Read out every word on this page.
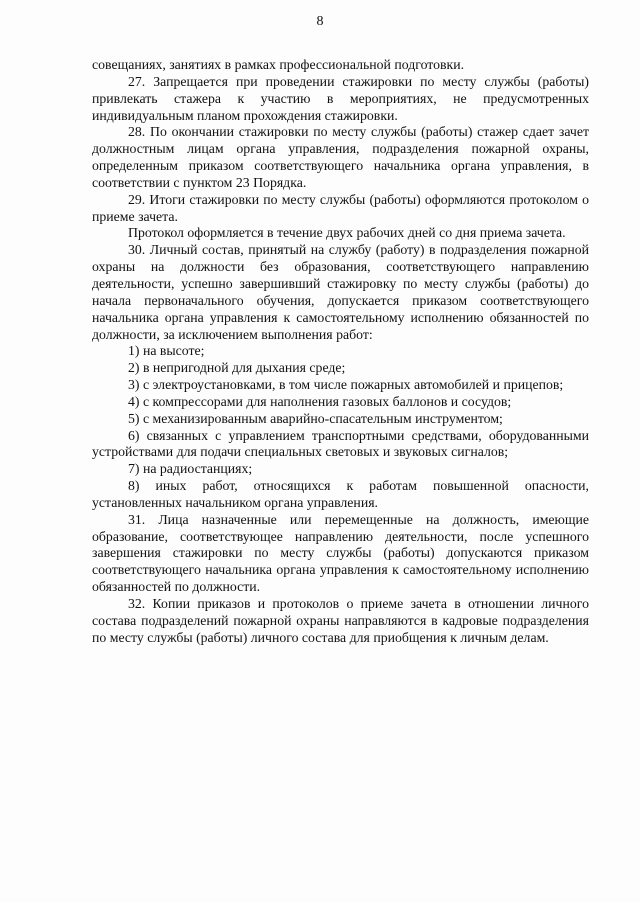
8

совещаниях, занятиях в рамках профессиональной подготовки.

27. Запрещается при проведении стажировки по месту службы (работы) привлекать стажера к участию в мероприятиях, не предусмотренных индивидуальным планом прохождения стажировки.

28. По окончании стажировки по месту службы (работы) стажер сдает зачет должностным лицам органа управления, подразделения пожарной охраны, определенным приказом соответствующего начальника органа управления, в соответствии с пунктом 23 Порядка.

29. Итоги стажировки по месту службы (работы) оформляются протоколом о приеме зачета.

Протокол оформляется в течение двух рабочих дней со дня приема зачета.

30. Личный состав, принятый на службу (работу) в подразделения пожарной охраны на должности без образования, соответствующего направлению деятельности, успешно завершивший стажировку по месту службы (работы) до начала первоначального обучения, допускается приказом соответствующего начальника органа управления к самостоятельному исполнению обязанностей по должности, за исключением выполнения работ:

1) на высоте;

2) в непригодной для дыхания среде;

3) с электроустановками, в том числе пожарных автомобилей и прицепов;

4) с компрессорами для наполнения газовых баллонов и сосудов;

5) с механизированным аварийно-спасательным инструментом;

6) связанных с управлением транспортными средствами, оборудованными устройствами для подачи специальных световых и звуковых сигналов;

7) на радиостанциях;

8) иных работ, относящихся к работам повышенной опасности, установленных начальником органа управления.

31. Лица назначенные или перемещенные на должность, имеющие образование, соответствующее направлению деятельности, после успешного завершения стажировки по месту службы (работы) допускаются приказом соответствующего начальника органа управления к самостоятельному исполнению обязанностей по должности.

32. Копии приказов и протоколов о приеме зачета в отношении личного состава подразделений пожарной охраны направляются в кадровые подразделения по месту службы (работы) личного состава для приобщения к личным делам.
